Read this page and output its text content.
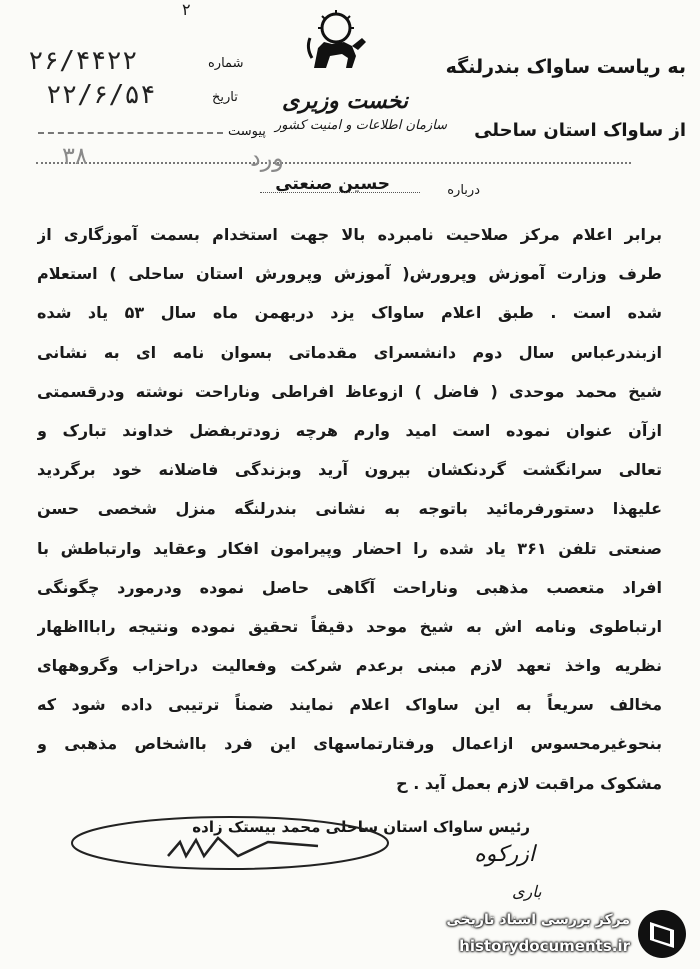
۲
نخست وزیری
سازمان اطلاعات و امنیت کشور
به ریاست ساواک بندرلنگه
از ساواک استان ساحلی
شماره
۲۶/۴۴۲۲
تاریخ
۲۲/۶/۵۴
پیوست
٣٨	ورد
درباره
حسین صنعتی
برابر اعلام مرکز صلاحیت نامبرده بالا جهت استخدام بسمت آموزگاری از
طرف وزارت آموزش وپرورش( آموزش وپرورش استان ساحلی ) استعلام
شده است . طبق اعلام ساواک یزد دربهمن ماه سال ۵۳ یاد شده
ازبندرعباس سال دوم دانشسرای مقدماتی بسوان نامه ای به نشانی
شیخ محمد موحدی ( فاضل ) ازوعاظ افراطی وناراحت نوشته ودرقسمتی
ازآن عنوان نموده است امید وارم هرچه زودتربفضل خداوند تبارک و
تعالی سرانگشت گردنکشان بیرون آرید وبزندگی فاضلانه خود برگردید
علیهذا دستورفرمائید باتوجه به نشانی بندرلنگه منزل شخصی حسن
صنعتی تلفن ۳۶۱ یاد شده را احضار وپیرامون افکار وعقاید وارتباطش با
افراد متعصب مذهبی وناراحت آگاهی حاصل نموده ودرمورد چگونگی
ارتباطوی ونامه اش به شیخ موحد دقیقاً تحقیق نموده ونتیجه راباااظهار
نظریه واخذ تعهد لازم مبنی برعدم شرکت وفعالیت دراحزاب وگروههای
مخالف سریعاً به این ساواک اعلام نمایند ضمناً ترتیبی داده شود که
بنحوغیرمحسوس ازاعمال ورفتارتماسهای این فرد بااشخاص مذهبی و
مشکوک مراقبت لازم بعمل آید . ح
رئیس ساواک استان ساحلی محمد بیستک زاده
ازرکوه
باری
مرکز بررسی اسناد تاریخی
historydocuments.ir
